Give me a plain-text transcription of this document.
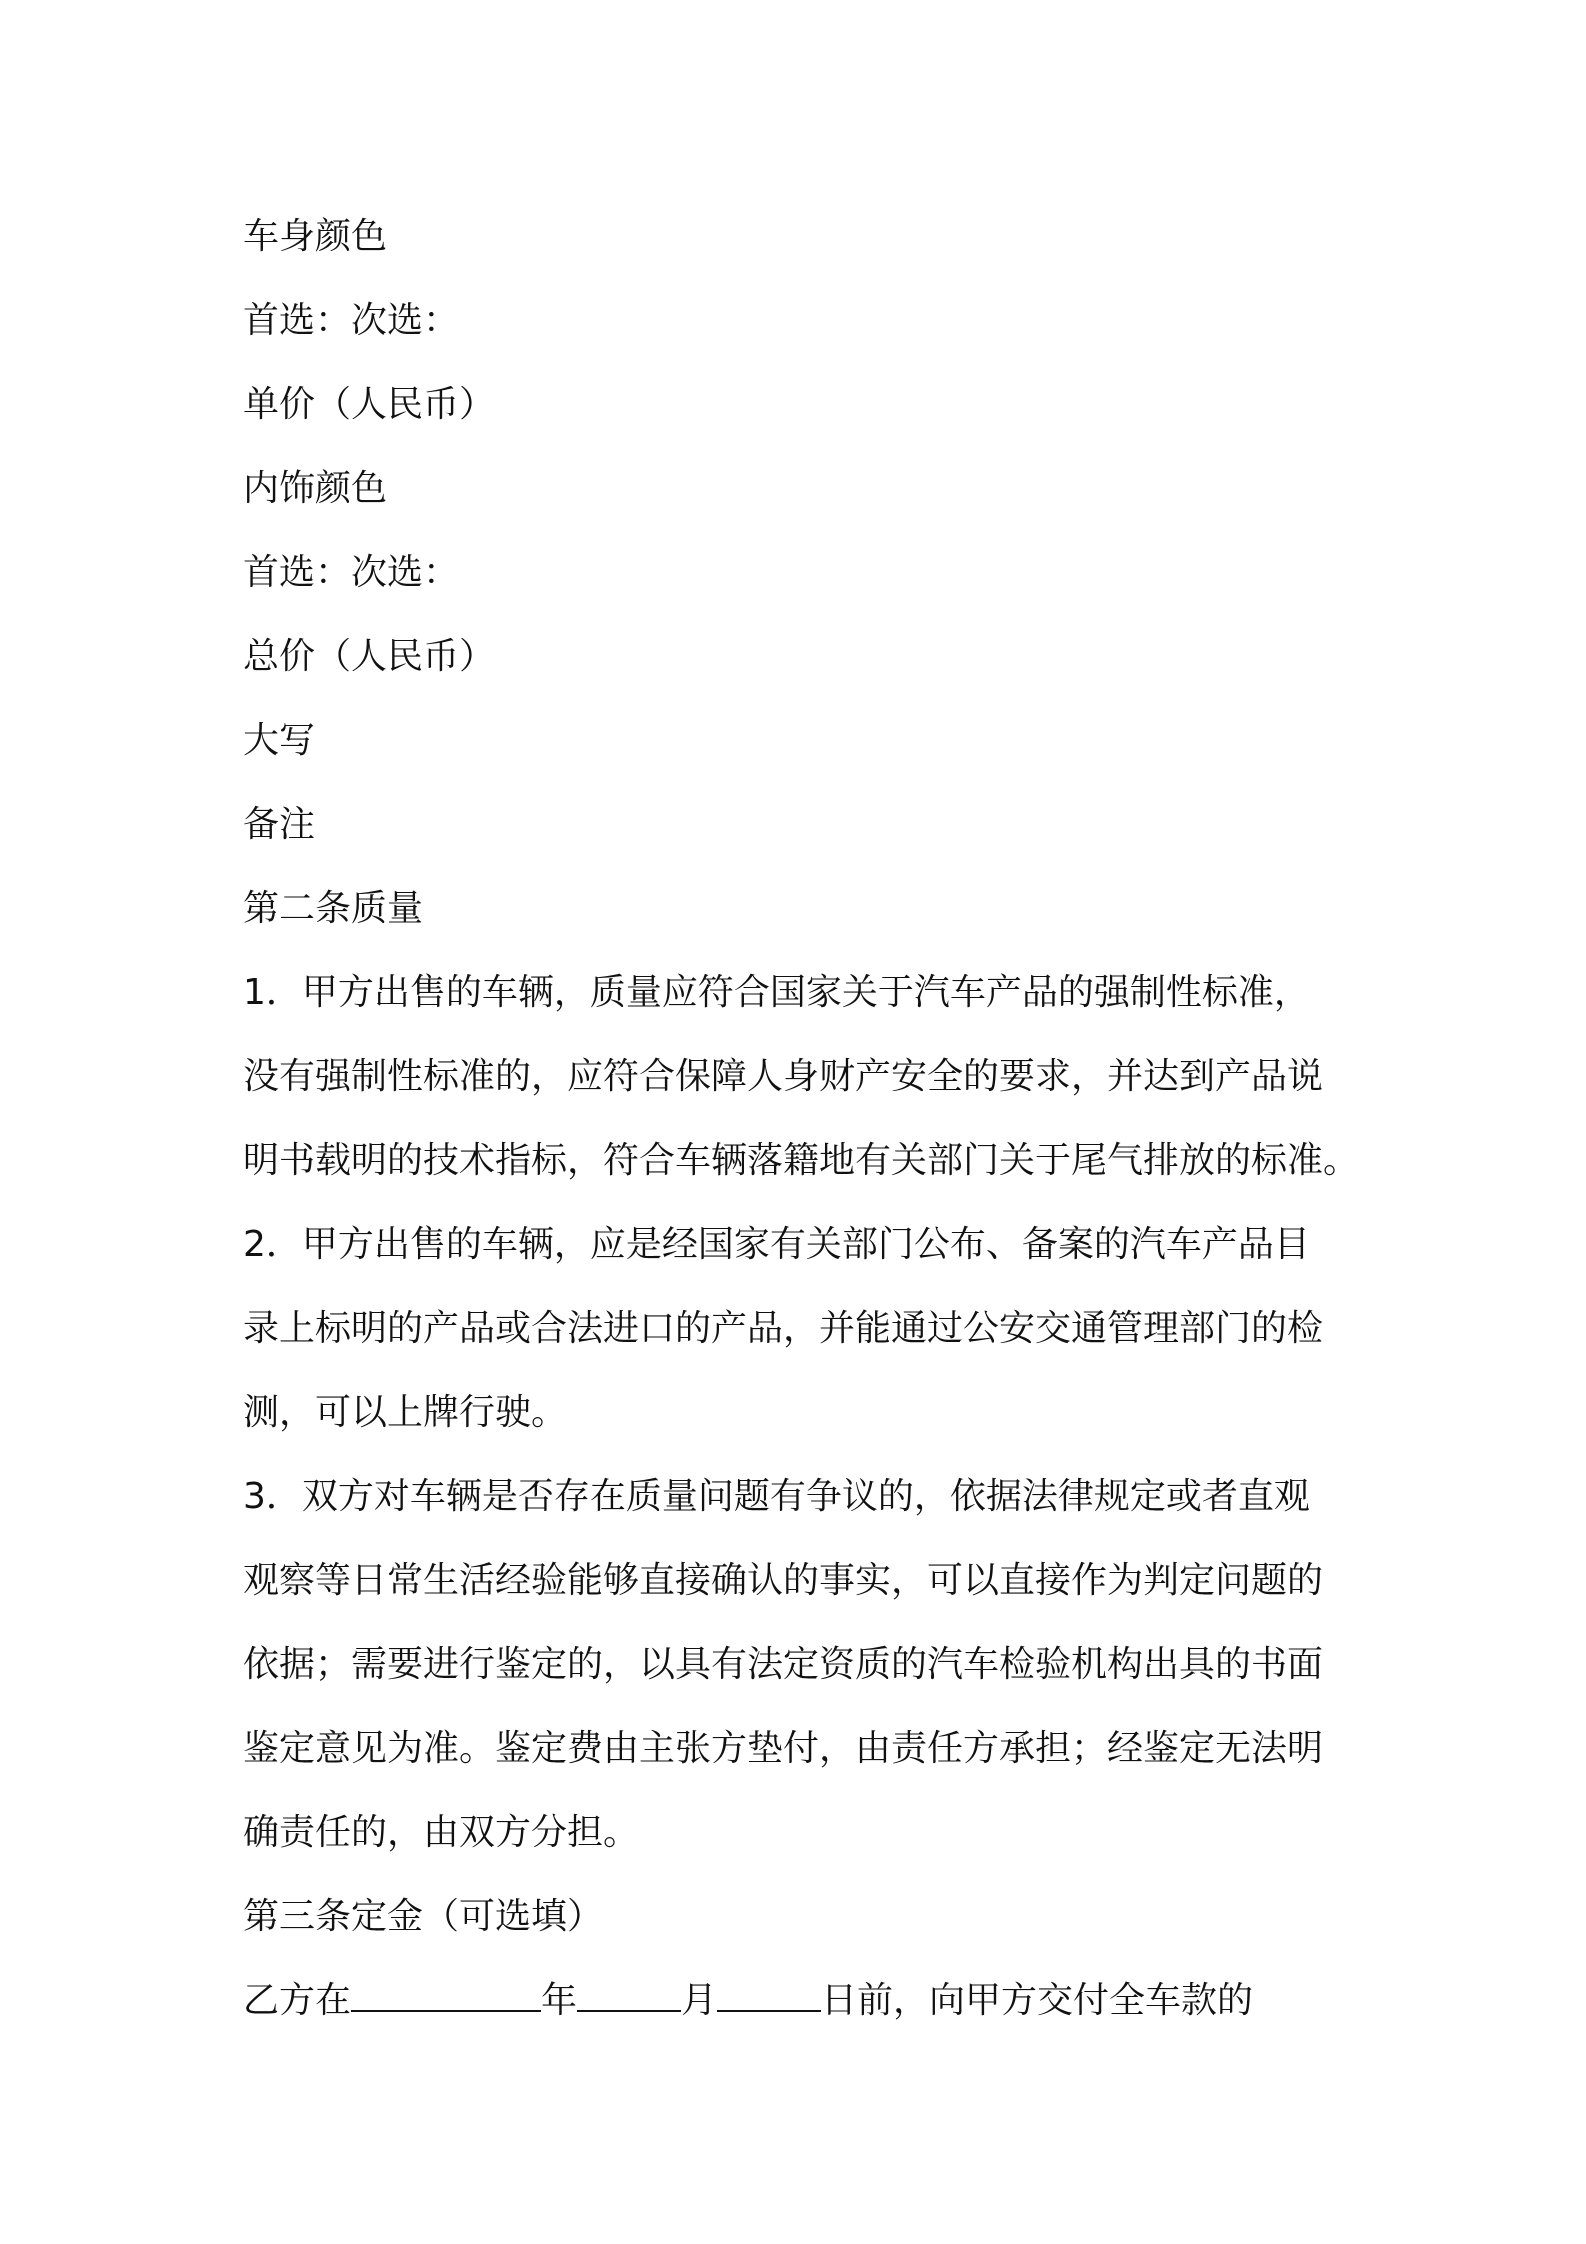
车身颜色
首选：次选：
单价（人民币）
内饰颜色
首选：次选：
总价（人民币）
大写
备注
第二条质量
1．甲方出售的车辆，质量应符合国家关于汽车产品的强制性标准，
没有强制性标准的，应符合保障人身财产安全的要求，并达到产品说
明书载明的技术指标，符合车辆落籍地有关部门关于尾气排放的标准。
2．甲方出售的车辆，应是经国家有关部门公布、备案的汽车产品目
录上标明的产品或合法进口的产品，并能通过公安交通管理部门的检
测，可以上牌行驶。
3．双方对车辆是否存在质量问题有争议的，依据法律规定或者直观
观察等日常生活经验能够直接确认的事实，可以直接作为判定问题的
依据；需要进行鉴定的，以具有法定资质的汽车检验机构出具的书面
鉴定意见为准。鉴定费由主张方垫付，由责任方承担；经鉴定无法明
确责任的，由双方分担。
第三条定金（可选填）
乙方在	年	月	日前，向甲方交付全车款的
